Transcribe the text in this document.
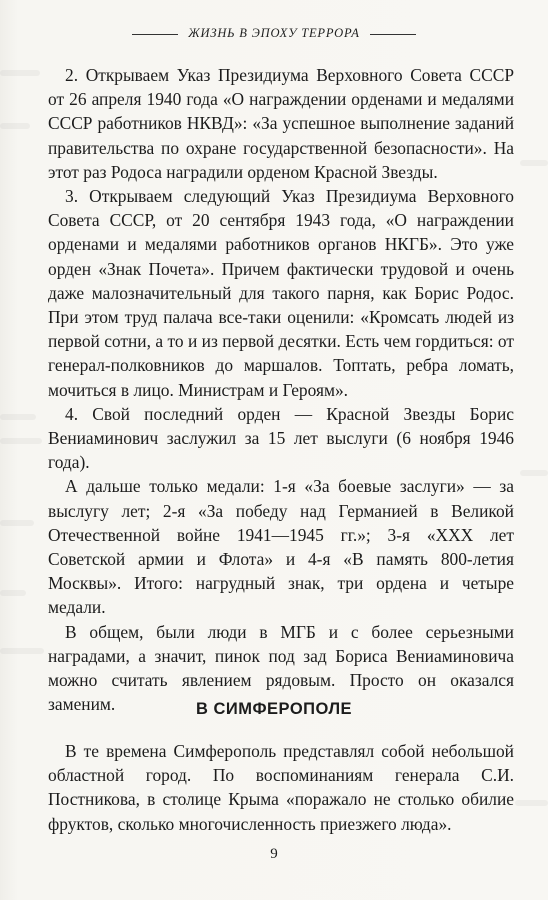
ЖИЗНЬ В ЭПОХУ ТЕРРОРА

2. Открываем Указ Президиума Верховного Совета СССР от 26 апреля 1940 года «О награждении орденами и медалями СССР работников НКВД»: «За успешное выполнение заданий правительства по охране государственной безопасности». На этот раз Родоса наградили орденом Красной Звезды.

3. Открываем следующий Указ Президиума Верховного Совета СССР, от 20 сентября 1943 года, «О награждении орденами и медалями работников органов НКГБ». Это уже орден «Знак Почета». Причем фактически трудовой и очень даже малозначительный для такого парня, как Борис Родос. При этом труд палача все-таки оценили: «Кромсать людей из первой сотни, а то и из первой десятки. Есть чем гордиться: от генерал-полковников до маршалов. Топтать, ребра ломать, мочиться в лицо. Министрам и Героям».

4. Свой последний орден — Красной Звезды Борис Вениаминович заслужил за 15 лет выслуги (6 ноября 1946 года).

А дальше только медали: 1-я «За боевые заслуги» — за выслугу лет; 2-я «За победу над Германией в Великой Отечественной войне 1941—1945 гг.»; 3-я «XXX лет Советской армии и Флота» и 4-я «В память 800-летия Москвы». Итого: нагрудный знак, три ордена и четыре медали.

В общем, были люди в МГБ и с более серьезными наградами, а значит, пинок под зад Бориса Вениаминовича можно считать явлением рядовым. Просто он оказался заменим.	В СИМФЕРОПОЛЕ

В те времена Симферополь представлял собой небольшой областной город. По воспоминаниям генерала С.И. Постникова, в столице Крыма «поражало не столько обилие фруктов, сколько многочисленность приезжего люда».

9
